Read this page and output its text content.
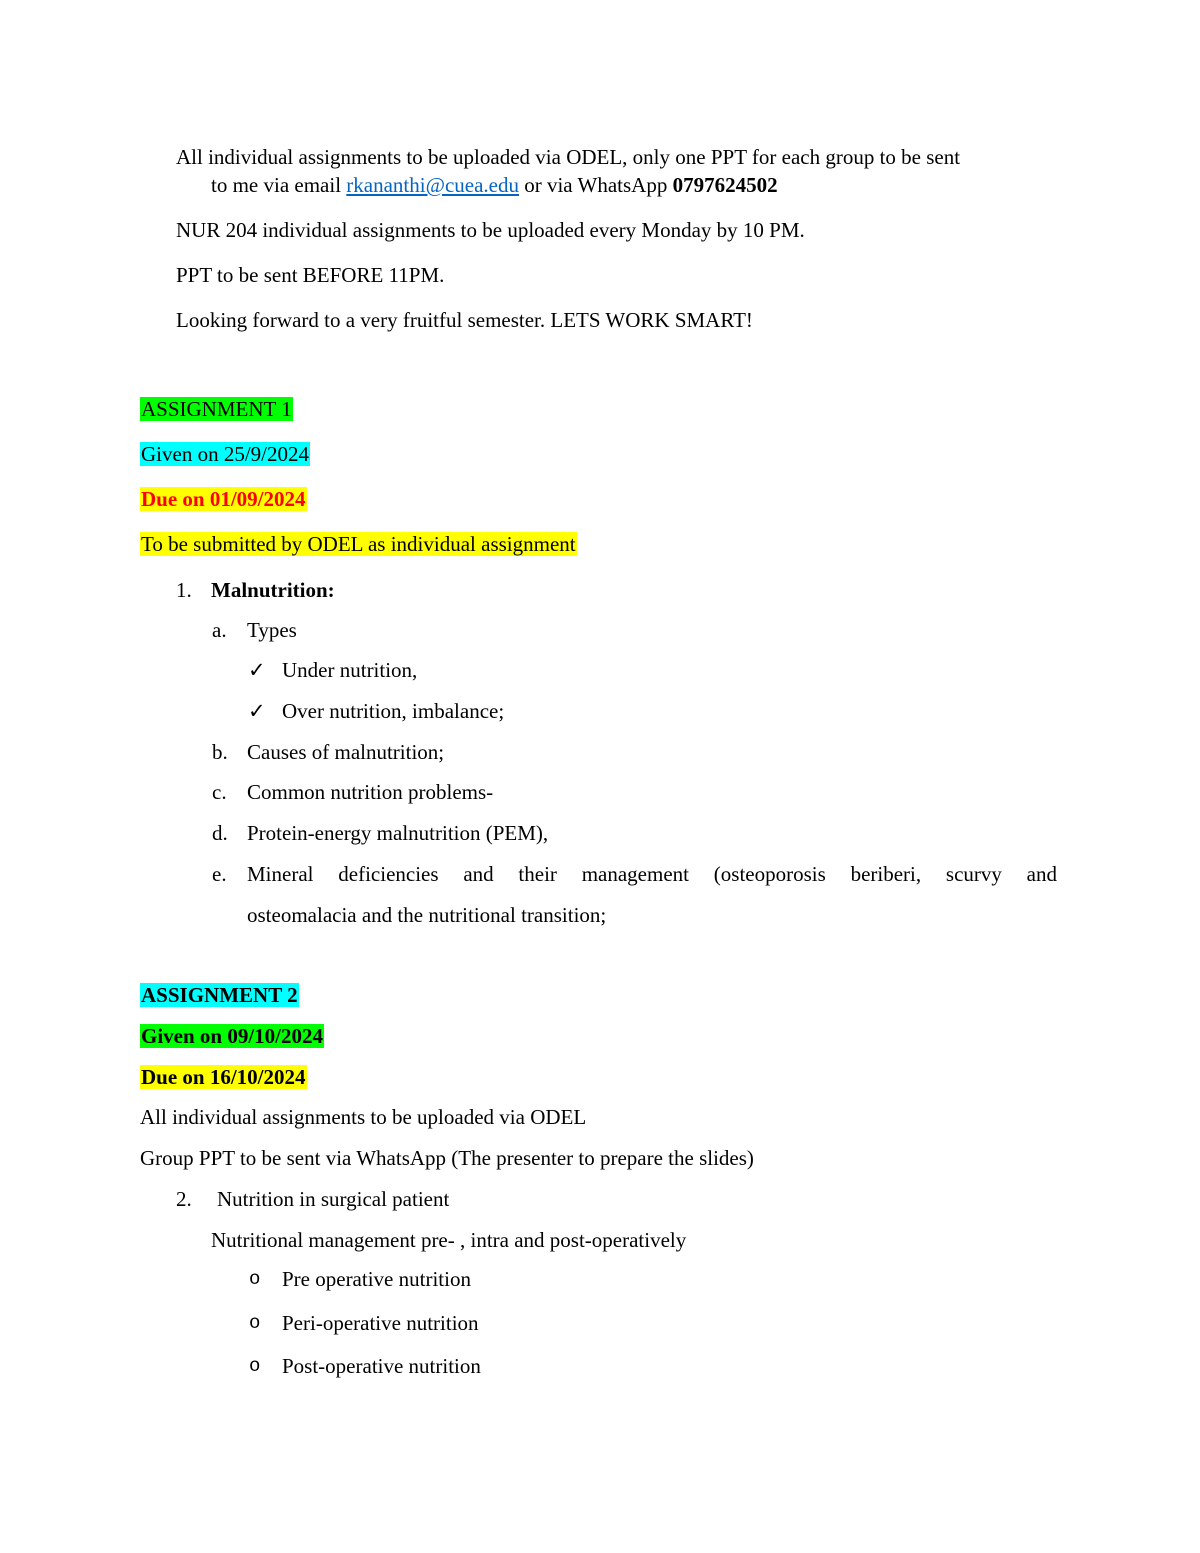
All individual assignments to be uploaded via ODEL, only one PPT for each group to be sent
to me via email rkananthi@cuea.edu or via WhatsApp 0797624502
NUR 204 individual assignments to be uploaded every Monday by 10 PM.
PPT to be sent BEFORE 11PM.
Looking forward to a very fruitful semester. LETS WORK SMART!
ASSIGNMENT 1
Given on 25/9/2024
Due on 01/09/2024
To be submitted by ODEL as individual assignment
1. Malnutrition:
a. Types
✓ Under nutrition,
✓ Over nutrition, imbalance;
b. Causes of malnutrition;
c. Common nutrition problems-
d. Protein-energy malnutrition (PEM),
e. Mineral deficiencies and their management (osteoporosis beriberi, scurvy and
osteomalacia and the nutritional transition;
ASSIGNMENT 2
Given on 09/10/2024
Due on 16/10/2024
All individual assignments to be uploaded via ODEL
Group PPT to be sent via WhatsApp (The presenter to prepare the slides)
2. Nutrition in surgical patient
Nutritional management pre- , intra and post-operatively
o Pre operative nutrition
o Peri-operative nutrition
o Post-operative nutrition
